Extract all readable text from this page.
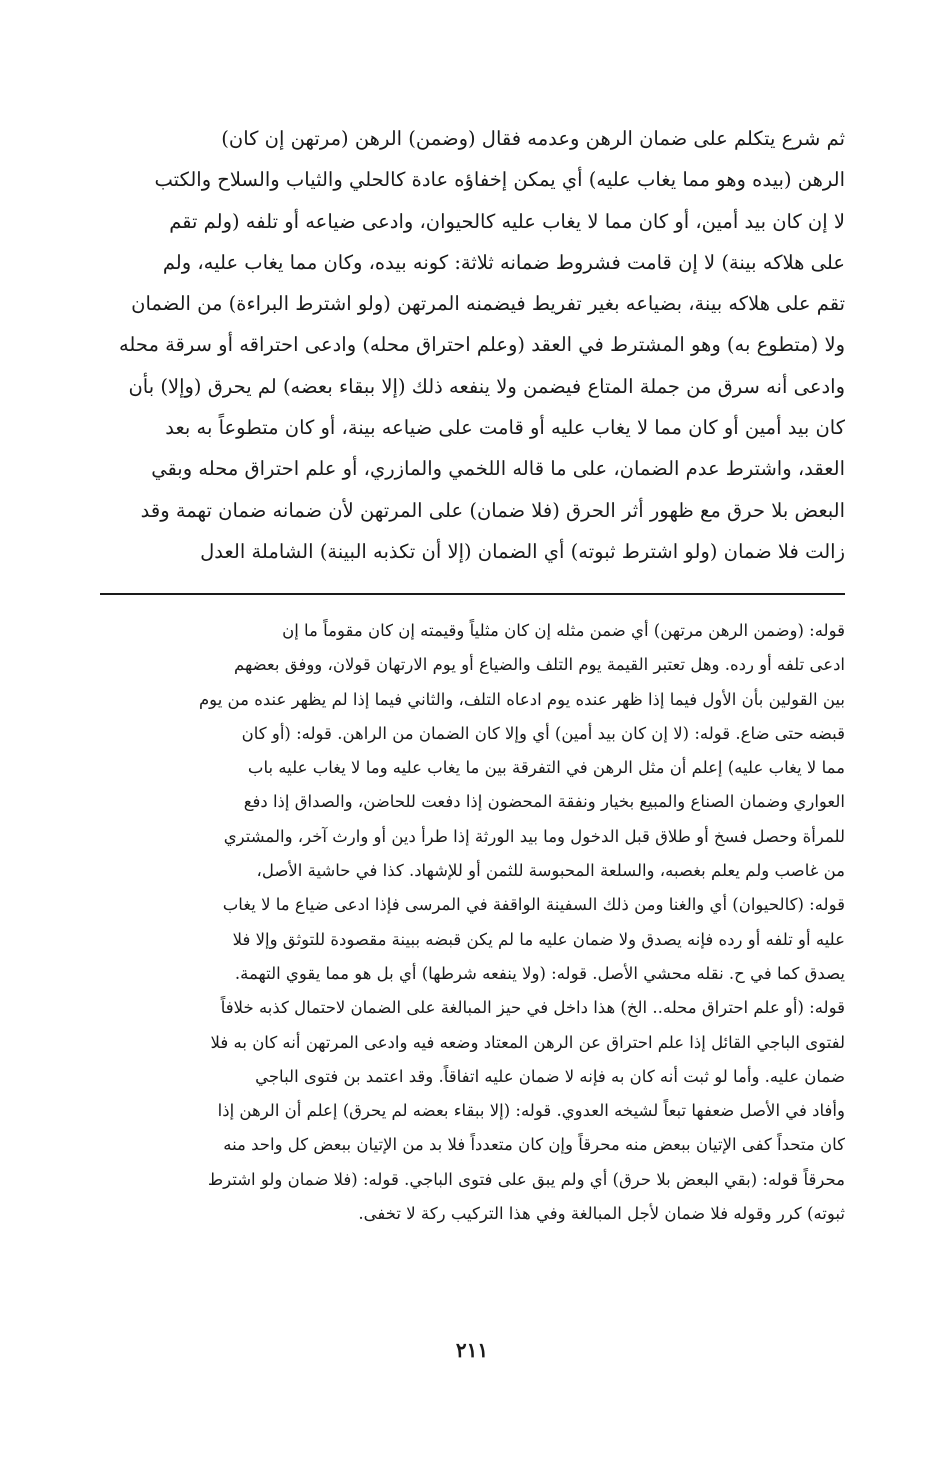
ثم شرع يتكلم على ضمان الرهن وعدمه فقال (وضمن) الرهن (مرتهن إن كان)
الرهن (بيده وهو مما يغاب عليه) أي يمكن إخفاؤه عادة كالحلي والثياب والسلاح والكتب
لا إن كان بيد أمين، أو كان مما لا يغاب عليه كالحيوان، وادعى ضياعه أو تلفه (ولم تقم
على هلاكه بينة) لا إن قامت فشروط ضمانه ثلاثة: كونه بيده، وكان مما يغاب عليه، ولم
تقم على هلاكه بينة، بضياعه بغير تفريط فيضمنه المرتهن (ولو اشترط البراءة) من الضمان
ولا (متطوع به) وهو المشترط في العقد (وعلم احتراق محله) وادعى احتراقه أو سرقة محله
وادعى أنه سرق من جملة المتاع فيضمن ولا ينفعه ذلك (إلا ببقاء بعضه) لم يحرق (وإلا) بأن
كان بيد أمين أو كان مما لا يغاب عليه أو قامت على ضياعه بينة، أو كان متطوعاً به بعد
العقد، واشترط عدم الضمان، على ما قاله اللخمي والمازري، أو علم احتراق محله وبقي
البعض بلا حرق مع ظهور أثر الحرق (فلا ضمان) على المرتهن لأن ضمانه ضمان تهمة وقد
زالت فلا ضمان (ولو اشترط ثبوته) أي الضمان (إلا أن تكذبه البينة) الشاملة العدل
قوله: (وضمن الرهن مرتهن) أي ضمن مثله إن كان مثلياً وقيمته إن كان مقوماً ما إن
ادعى تلفه أو رده. وهل تعتبر القيمة يوم التلف والضياع أو يوم الارتهان قولان، ووفق بعضهم
بين القولين بأن الأول فيما إذا ظهر عنده يوم ادعاه التلف، والثاني فيما إذا لم يظهر عنده من يوم
قبضه حتى ضاع. قوله: (لا إن كان بيد أمين) أي وإلا كان الضمان من الراهن. قوله: (أو كان
مما لا يغاب عليه) إعلم أن مثل الرهن في التفرقة بين ما يغاب عليه وما لا يغاب عليه باب
العواري وضمان الصناع والمبيع بخيار ونفقة المحضون إذا دفعت للحاضن، والصداق إذا دفع
للمرأة وحصل فسخ أو طلاق قبل الدخول وما بيد الورثة إذا طرأ دين أو وارث آخر، والمشتري
من غاصب ولم يعلم بغصبه، والسلعة المحبوسة للثمن أو للإشهاد. كذا في حاشية الأصل،
قوله: (كالحيوان) أي والغنا ومن ذلك السفينة الواقفة في المرسى فإذا ادعى ضياع ما لا يغاب
عليه أو تلفه أو رده فإنه يصدق ولا ضمان عليه ما لم يكن قبضه ببينة مقصودة للتوثق وإلا فلا
يصدق كما في ح. نقله محشي الأصل. قوله: (ولا ينفعه شرطها) أي بل هو مما يقوي التهمة.
قوله: (أو علم احتراق محله.. الخ) هذا داخل في حيز المبالغة على الضمان لاحتمال كذبه خلافاً
لفتوى الباجي القائل إذا علم احتراق عن الرهن المعتاد وضعه فيه وادعى المرتهن أنه كان به فلا
ضمان عليه. وأما لو ثبت أنه كان به فإنه لا ضمان عليه اتفاقاً. وقد اعتمد بن فتوى الباجي
وأفاد في الأصل ضعفها تبعاً لشيخه العدوي. قوله: (إلا ببقاء بعضه لم يحرق) إعلم أن الرهن إذا
كان متحداً كفى الإتيان ببعض منه محرقاً وإن كان متعدداً فلا بد من الإتيان ببعض كل واحد منه
محرقاً قوله: (بقي البعض بلا حرق) أي ولم يبق على فتوى الباجي. قوله: (فلا ضمان ولو اشترط
ثبوته) كرر وقوله فلا ضمان لأجل المبالغة وفي هذا التركيب ركة لا تخفى.
٢١١
